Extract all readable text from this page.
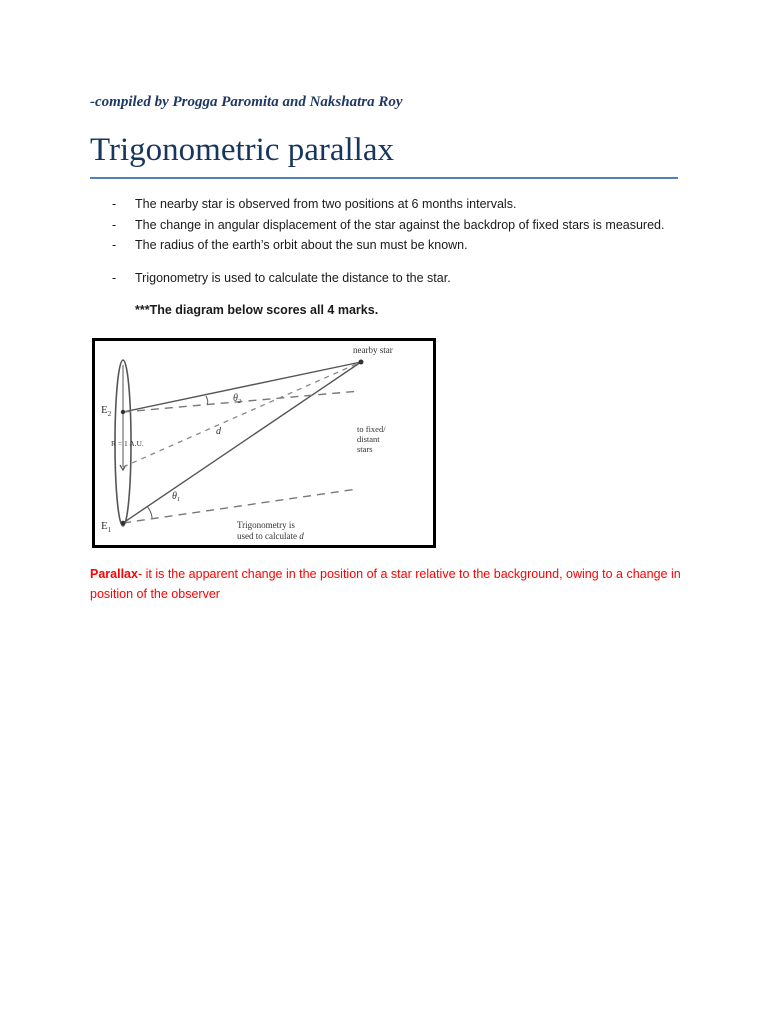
-compiled by Progga Paromita and Nakshatra Roy
Trigonometric parallax
- The nearby star is observed from two positions at 6 months intervals.
- The change in angular displacement of the star against the backdrop of fixed stars is measured.
- The radius of the earth’s orbit about the sun must be known.
- Trigonometry is used to calculate the distance to the star.
***The diagram below scores all 4 marks.
nearby star
$E_2$
$E_1$
R = 1 A.U.
$\theta_2$
$\theta_1$
d	to fixed/
distant
stars
Trigonometry is
used to calculate d
Parallax- it is the apparent change in the position of a star relative to the background, owing to a change in position of the observer
